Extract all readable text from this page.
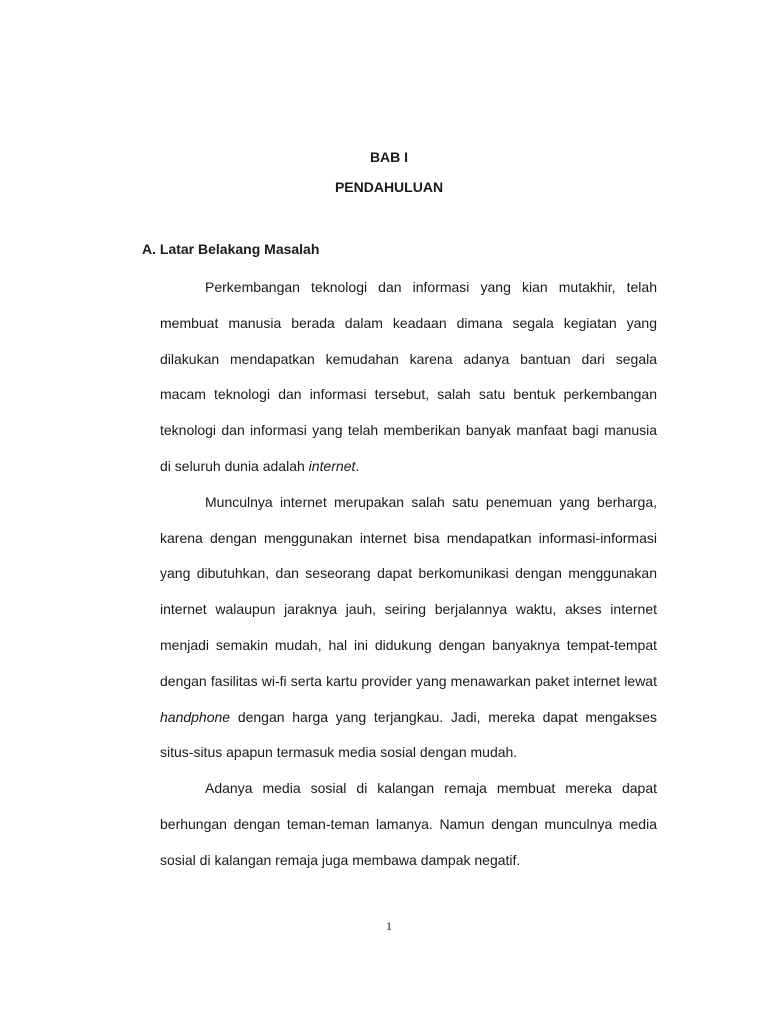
BAB I
PENDAHULUAN
A. Latar Belakang Masalah

Perkembangan teknologi dan informasi yang kian mutakhir, telah membuat manusia berada dalam keadaan dimana segala kegiatan yang dilakukan mendapatkan kemudahan karena adanya bantuan dari segala macam teknologi dan informasi tersebut, salah satu bentuk perkembangan teknologi dan informasi yang telah memberikan banyak manfaat bagi manusia di seluruh dunia adalah internet.

Munculnya internet merupakan salah satu penemuan yang berharga, karena dengan menggunakan internet bisa mendapatkan informasi-informasi yang dibutuhkan, dan seseorang dapat berkomunikasi dengan menggunakan internet walaupun jaraknya jauh, seiring berjalannya waktu, akses internet menjadi semakin mudah, hal ini didukung dengan banyaknya tempat-tempat dengan fasilitas wi-fi serta kartu provider yang menawarkan paket internet lewat handphone dengan harga yang terjangkau. Jadi, mereka dapat mengakses situs-situs apapun termasuk media sosial dengan mudah.

Adanya media sosial di kalangan remaja membuat mereka dapat berhungan dengan teman-teman lamanya. Namun dengan munculnya media sosial di kalangan remaja juga membawa dampak negatif.

1
